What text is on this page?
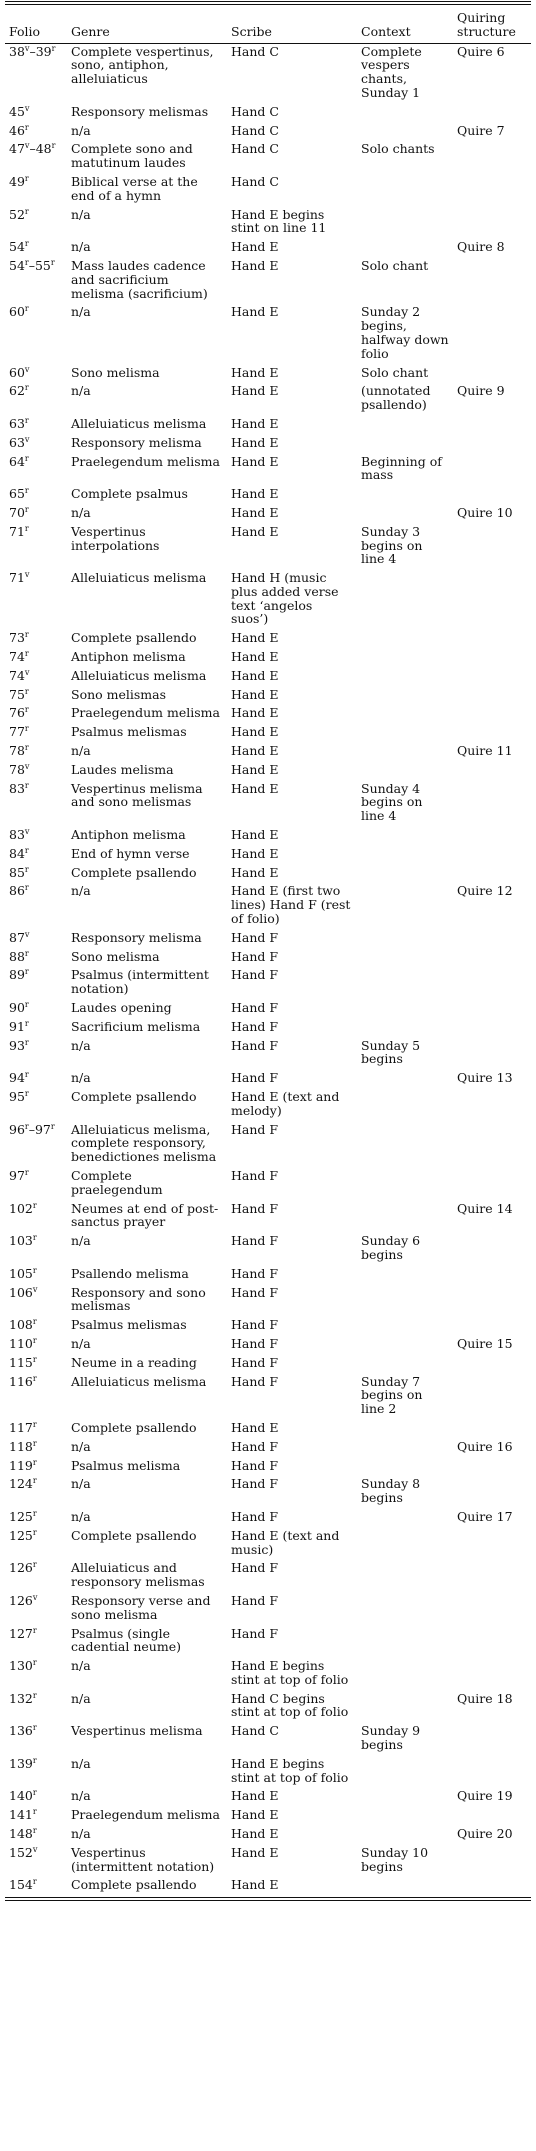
Folio	Genre	Scribe	Context	Quiring structure
38$^v$–39$^r$	Complete vespertinus, sono, antiphon, alleluiaticus	Hand C	Complete vespers chants, Sunday 1	Quire 6
45$^v$	Responsory melismas	Hand C		
46$^r$	n/a	Hand C		Quire 7
47$^v$–48$^r$	Complete sono and matutinum laudes	Hand C	Solo chants	
49$^r$	Biblical verse at the end of a hymn	Hand C		
52$^r$	n/a	Hand E begins stint on line 11		
54$^r$	n/a	Hand E		Quire 8
54$^r$–55$^r$	Mass laudes cadence and sacrificium melisma (sacrificium)	Hand E	Solo chant	
60$^r$	n/a	Hand E	Sunday 2 begins, halfway down folio	
60$^v$	Sono melisma	Hand E	Solo chant	
62$^r$	n/a	Hand E	(unnotated psallendo)	Quire 9
63$^r$	Alleluiaticus melisma	Hand E		
63$^v$	Responsory melisma	Hand E		
64$^r$	Praelegendum melisma	Hand E	Beginning of mass	
65$^r$	Complete psalmus	Hand E		
70$^r$	n/a	Hand E		Quire 10
71$^r$	Vespertinus interpolations	Hand E	Sunday 3 begins on line 4	
71$^v$	Alleluiaticus melisma	Hand H (music plus added verse text ‘angelos suos’)		
73$^r$	Complete psallendo	Hand E		
74$^r$	Antiphon melisma	Hand E		
74$^v$	Alleluiaticus melisma	Hand E		
75$^r$	Sono melismas	Hand E		
76$^r$	Praelegendum melisma	Hand E		
77$^r$	Psalmus melismas	Hand E		
78$^r$	n/a	Hand E		Quire 11
78$^v$	Laudes melisma	Hand E		
83$^r$	Vespertinus melisma and sono melismas	Hand E	Sunday 4 begins on line 4	
83$^v$	Antiphon melisma	Hand E		
84$^r$	End of hymn verse	Hand E		
85$^r$	Complete psallendo	Hand E		
86$^r$	n/a	Hand E (first two lines) Hand F (rest of folio)		Quire 12
87$^v$	Responsory melisma	Hand F		
88$^r$	Sono melisma	Hand F		
89$^r$	Psalmus (intermittent notation)	Hand F		
90$^r$	Laudes opening	Hand F		
91$^r$	Sacrificium melisma	Hand F		
93$^r$	n/a	Hand F	Sunday 5 begins	
94$^r$	n/a	Hand F		Quire 13
95$^r$	Complete psallendo	Hand E (text and melody)		
96$^r$–97$^r$	Alleluiaticus melisma, complete responsory, benedictiones melisma	Hand F		
97$^r$	Complete praelegendum	Hand F		
102$^r$	Neumes at end of post-sanctus prayer	Hand F		Quire 14
103$^r$	n/a	Hand F	Sunday 6 begins	
105$^r$	Psallendo melisma	Hand F		
106$^v$	Responsory and sono melismas	Hand F		
108$^r$	Psalmus melismas	Hand F		
110$^r$	n/a	Hand F		Quire 15
115$^r$	Neume in a reading	Hand F		
116$^r$	Alleluiaticus melisma	Hand F	Sunday 7 begins on line 2	
117$^r$	Complete psallendo	Hand E		
118$^r$	n/a	Hand F		Quire 16
119$^r$	Psalmus melisma	Hand F		
124$^r$	n/a	Hand F	Sunday 8 begins	
125$^r$	n/a	Hand F		Quire 17
125$^r$	Complete psallendo	Hand E (text and music)		
126$^r$	Alleluiaticus and responsory melismas	Hand F		
126$^v$	Responsory verse and sono melisma	Hand F		
127$^r$	Psalmus (single cadential neume)	Hand F		
130$^r$	n/a	Hand E begins stint at top of folio		
132$^r$	n/a	Hand C begins stint at top of folio		Quire 18
136$^r$	Vespertinus melisma	Hand C	Sunday 9 begins	
139$^r$	n/a	Hand E begins stint at top of folio		
140$^r$	n/a	Hand E		Quire 19
141$^r$	Praelegendum melisma	Hand E		
148$^r$	n/a	Hand E		Quire 20
152$^v$	Vespertinus (intermittent notation)	Hand E	Sunday 10 begins	
154$^r$	Complete psallendo	Hand E		
